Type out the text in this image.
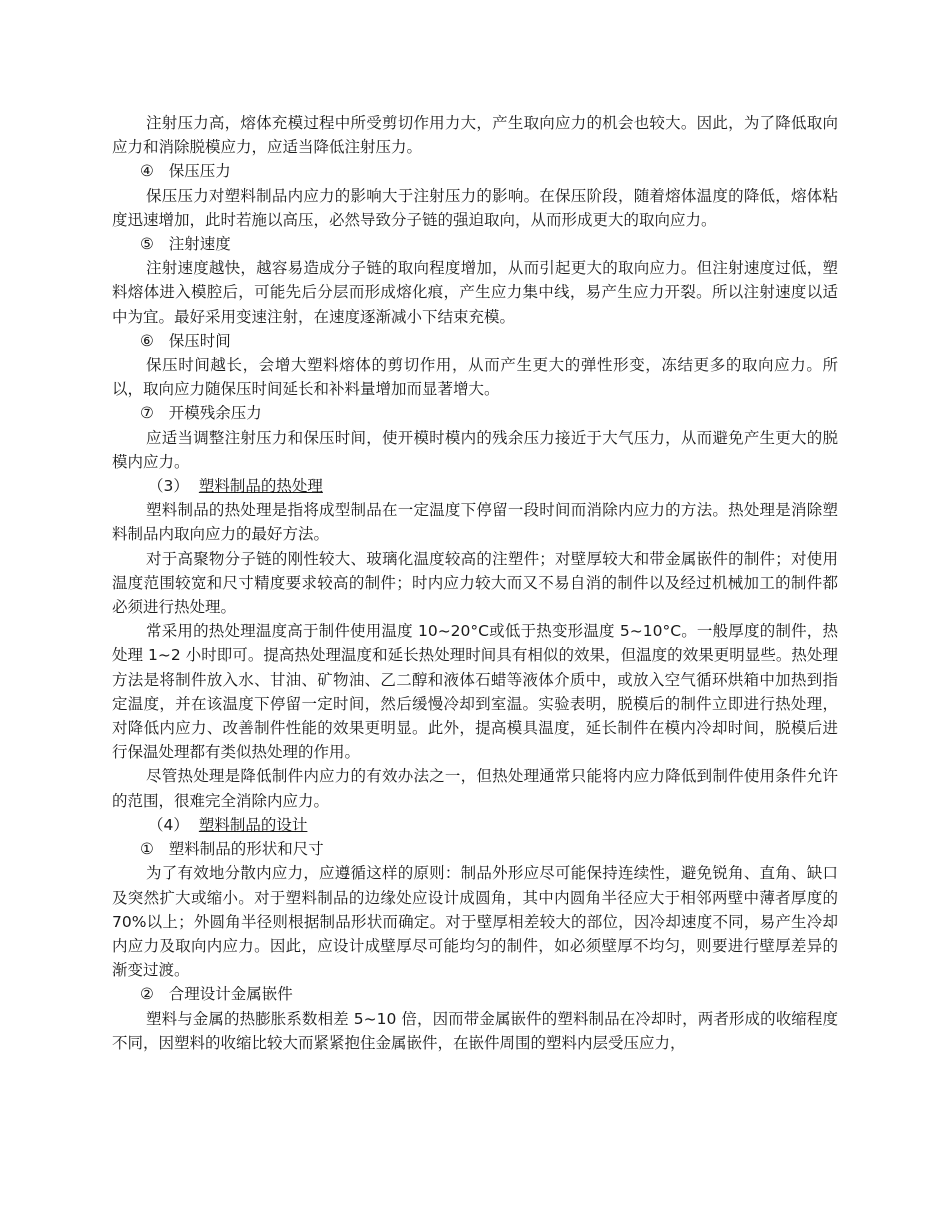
注射压力高，熔体充模过程中所受剪切作用力大，产生取向应力的机会也较大。因此，为了降低取向应力和消除脱模应力，应适当降低注射压力。

④ 保压压力

保压压力对塑料制品内应力的影响大于注射压力的影响。在保压阶段，随着熔体温度的降低，熔体粘度迅速增加，此时若施以高压，必然导致分子链的强迫取向，从而形成更大的取向应力。

⑤ 注射速度

注射速度越快，越容易造成分子链的取向程度增加，从而引起更大的取向应力。但注射速度过低，塑料熔体进入模腔后，可能先后分层而形成熔化痕，产生应力集中线，易产生应力开裂。所以注射速度以适中为宜。最好采用变速注射，在速度逐渐减小下结束充模。

⑥ 保压时间

保压时间越长，会增大塑料熔体的剪切作用，从而产生更大的弹性形变，冻结更多的取向应力。所以，取向应力随保压时间延长和补料量增加而显著增大。

⑦ 开模残余压力

应适当调整注射压力和保压时间，使开模时模内的残余压力接近于大气压力，从而避免产生更大的脱模内应力。

（3） 塑料制品的热处理

塑料制品的热处理是指将成型制品在一定温度下停留一段时间而消除内应力的方法。热处理是消除塑料制品内取向应力的最好方法。

对于高聚物分子链的刚性较大、玻璃化温度较高的注塑件；对壁厚较大和带金属嵌件的制件；对使用温度范围较宽和尺寸精度要求较高的制件；时内应力较大而又不易自消的制件以及经过机械加工的制件都必须进行热处理。

常采用的热处理温度高于制件使用温度 10~20°C或低于热变形温度 5~10°C。一般厚度的制件，热处理 1~2 小时即可。提高热处理温度和延长热处理时间具有相似的效果，但温度的效果更明显些。热处理方法是将制件放入水、甘油、矿物油、乙二醇和液体石蜡等液体介质中，或放入空气循环烘箱中加热到指定温度，并在该温度下停留一定时间，然后缓慢冷却到室温。实验表明，脱模后的制件立即进行热处理，对降低内应力、改善制件性能的效果更明显。此外，提高模具温度，延长制件在模内冷却时间，脱模后进行保温处理都有类似热处理的作用。

尽管热处理是降低制件内应力的有效办法之一，但热处理通常只能将内应力降低到制件使用条件允许的范围，很难完全消除内应力。

（4） 塑料制品的设计

① 塑料制品的形状和尺寸

为了有效地分散内应力，应遵循这样的原则：制品外形应尽可能保持连续性，避免锐角、直角、缺口及突然扩大或缩小。对于塑料制品的边缘处应设计成圆角，其中内圆角半径应大于相邻两壁中薄者厚度的 70%以上；外圆角半径则根据制品形状而确定。对于壁厚相差较大的部位，因冷却速度不同，易产生冷却内应力及取向内应力。因此，应设计成壁厚尽可能均匀的制件，如必须壁厚不均匀，则要进行壁厚差异的渐变过渡。

② 合理设计金属嵌件

塑料与金属的热膨胀系数相差 5~10 倍，因而带金属嵌件的塑料制品在冷却时，两者形成的收缩程度不同，因塑料的收缩比较大而紧紧抱住金属嵌件，在嵌件周围的塑料内层受压应力，
